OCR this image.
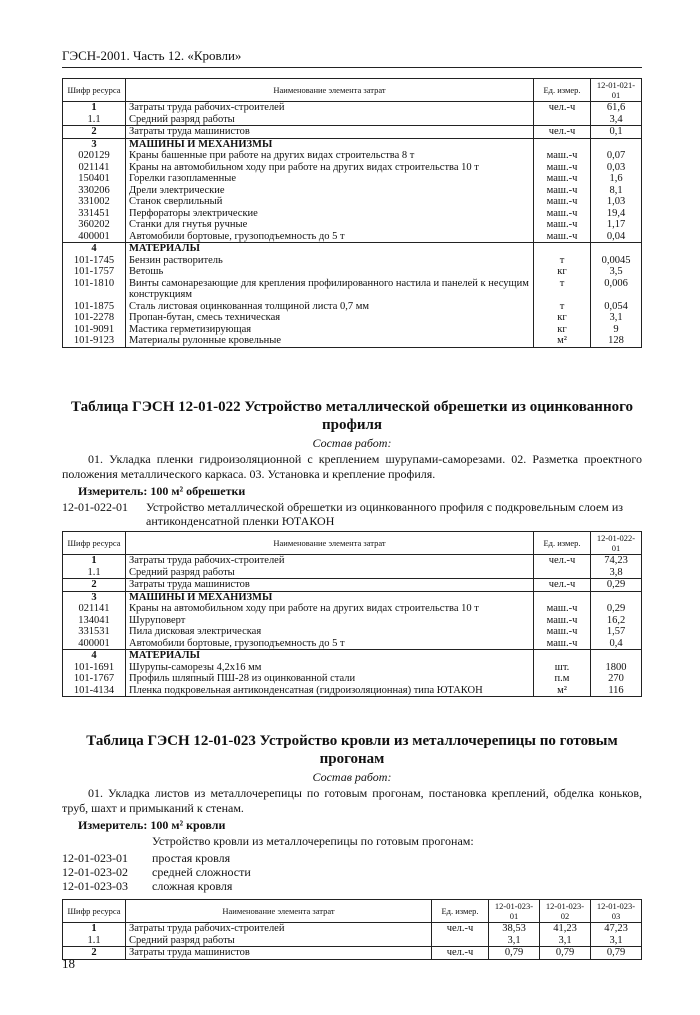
ГЭСН-2001. Часть 12. «Кровли»
Шифр ресурса	Наименование элемента затрат	Ед. измер.	12-01-021-01
1	Затраты труда рабочих-строителей	чел.-ч	61,6
1.1	Средний разряд работы		3,4
2	Затраты труда машинистов	чел.-ч	0,1
3	МАШИНЫ И МЕХАНИЗМЫ		
020129	Краны башенные при работе на других видах строительства 8 т	маш.-ч	0,07
021141	Краны на автомобильном ходу при работе на других видах строительства 10 т	маш.-ч	0,03
150401	Горелки газопламенные	маш.-ч	1,6
330206	Дрели электрические	маш.-ч	8,1
331002	Станок сверлильный	маш.-ч	1,03
331451	Перфораторы электрические	маш.-ч	19,4
360202	Станки для гнутья ручные	маш.-ч	1,17
400001	Автомобили бортовые, грузоподъемность до 5 т	маш.-ч	0,04
4	МАТЕРИАЛЫ		
101-1745	Бензин растворитель	т	0,0045
101-1757	Ветошь	кг	3,5
101-1810	Винты самонарезающие для крепления профилированного настила и панелей к несущим конструкциям	т	0,006
101-1875	Сталь листовая оцинкованная толщиной листа 0,7 мм	т	0,054
101-2278	Пропан-бутан, смесь техническая	кг	3,1
101-9091	Мастика герметизирующая	кг	9
101-9123	Материалы рулонные кровельные	м²	128
Таблица ГЭСН 12-01-022 Устройство металлической обрешетки из оцинкованного
профиля
Состав работ:
01. Укладка пленки гидроизоляционной с креплением шурупами-саморезами. 02. Разметка проектного положения металлического каркаса. 03. Установка и крепление профиля.
Измеритель: 100 м² обрешетки
12-01-022-01 Устройство металлической обрешетки из оцинкованного профиля с подкровельным слоем из антиконденсатной пленки ЮТАКОН
Шифр ресурса	Наименование элемента затрат	Ед. измер.	12-01-022-01
1	Затраты труда рабочих-строителей	чел.-ч	74,23
1.1	Средний разряд работы		3,8
2	Затраты труда машинистов	чел.-ч	0,29
3	МАШИНЫ И МЕХАНИЗМЫ		
021141	Краны на автомобильном ходу при работе на других видах строительства 10 т	маш.-ч	0,29
134041	Шуруповерт	маш.-ч	16,2
331531	Пила дисковая электрическая	маш.-ч	1,57
400001	Автомобили бортовые, грузоподъемность до 5 т	маш.-ч	0,4
4	МАТЕРИАЛЫ		
101-1691	Шурупы-саморезы 4,2х16 мм	шт.	1800
101-1767	Профиль шляпный ПШ-28 из оцинкованной стали	п.м	270
101-4134	Пленка подкровельная антиконденсатная (гидроизоляционная) типа ЮТАКОН	м²	116
Таблица ГЭСН 12-01-023 Устройство кровли из металлочерепицы по готовым
прогонам
Состав работ:
01. Укладка листов из металлочерепицы по готовым прогонам, постановка креплений, обделка коньков, труб, шахт и примыканий к стенам.
Измеритель: 100 м² кровли
Устройство кровли из металлочерепицы по готовым прогонам:
12-01-023-01 простая кровля
12-01-023-02 средней сложности
12-01-023-03 сложная кровля
Шифр ресурса	Наименование элемента затрат	Ед. измер.	12-01-023-01	12-01-023-02	12-01-023-03
1	Затраты труда рабочих-строителей	чел.-ч	38,53	41,23	47,23
1.1	Средний разряд работы		3,1	3,1	3,1
2	Затраты труда машинистов	чел.-ч	0,79	0,79	0,79
18
